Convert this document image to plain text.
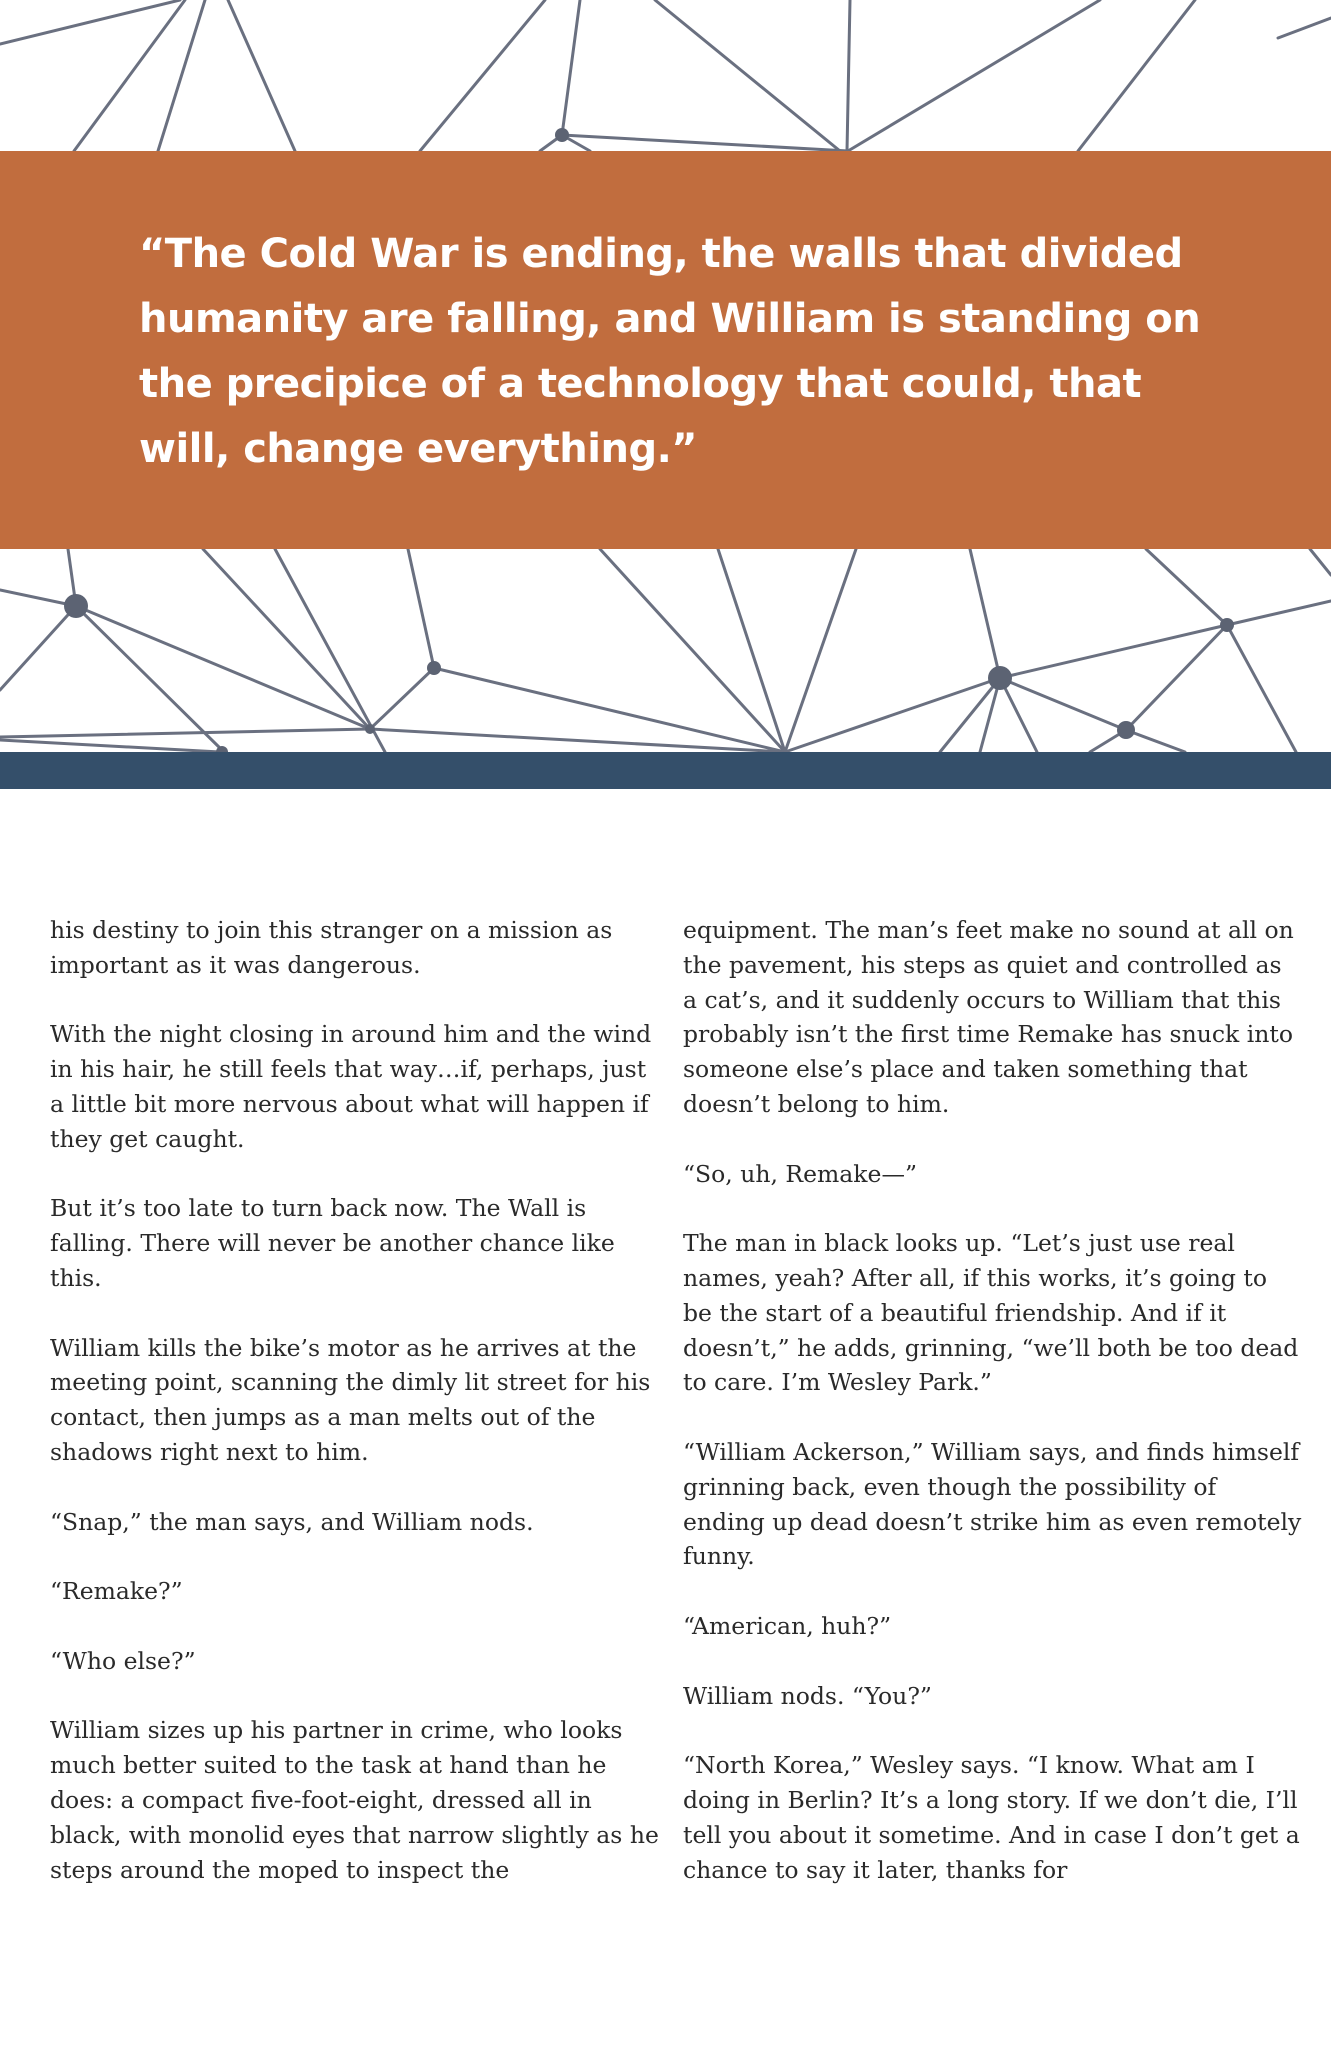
“The Cold War is ending, the walls that divided humanity are falling, and William is standing on the precipice of a technology that could, that will, change everything.”

his destiny to join this stranger on a mission as important as it was dangerous.

With the night closing in around him and the wind in his hair, he still feels that way…if, perhaps, just a little bit more nervous about what will happen if they get caught.

But it’s too late to turn back now. The Wall is falling. There will never be another chance like this.

William kills the bike’s motor as he arrives at the meeting point, scanning the dimly lit street for his contact, then jumps as a man melts out of the shadows right next to him.

“Snap,” the man says, and William nods.

“Remake?”

“Who else?”

William sizes up his partner in crime, who looks much better suited to the task at hand than he does: a compact five-foot-eight, dressed all in black, with monolid eyes that narrow slightly as he steps around the moped to inspect the

equipment. The man’s feet make no sound at all on the pavement, his steps as quiet and controlled as a cat’s, and it suddenly occurs to William that this probably isn’t the first time Remake has snuck into someone else’s place and taken something that doesn’t belong to him.

“So, uh, Remake—”

The man in black looks up. “Let’s just use real names, yeah? After all, if this works, it’s going to be the start of a beautiful friendship. And if it doesn’t,” he adds, grinning, “we’ll both be too dead to care. I’m Wesley Park.”

“William Ackerson,” William says, and finds himself grinning back, even though the possibility of ending up dead doesn’t strike him as even remotely funny.

“American, huh?”

William nods. “You?”

“North Korea,” Wesley says. “I know. What am I doing in Berlin? It’s a long story. If we don’t die, I’ll tell you about it sometime. And in case I don’t get a chance to say it later, thanks for
